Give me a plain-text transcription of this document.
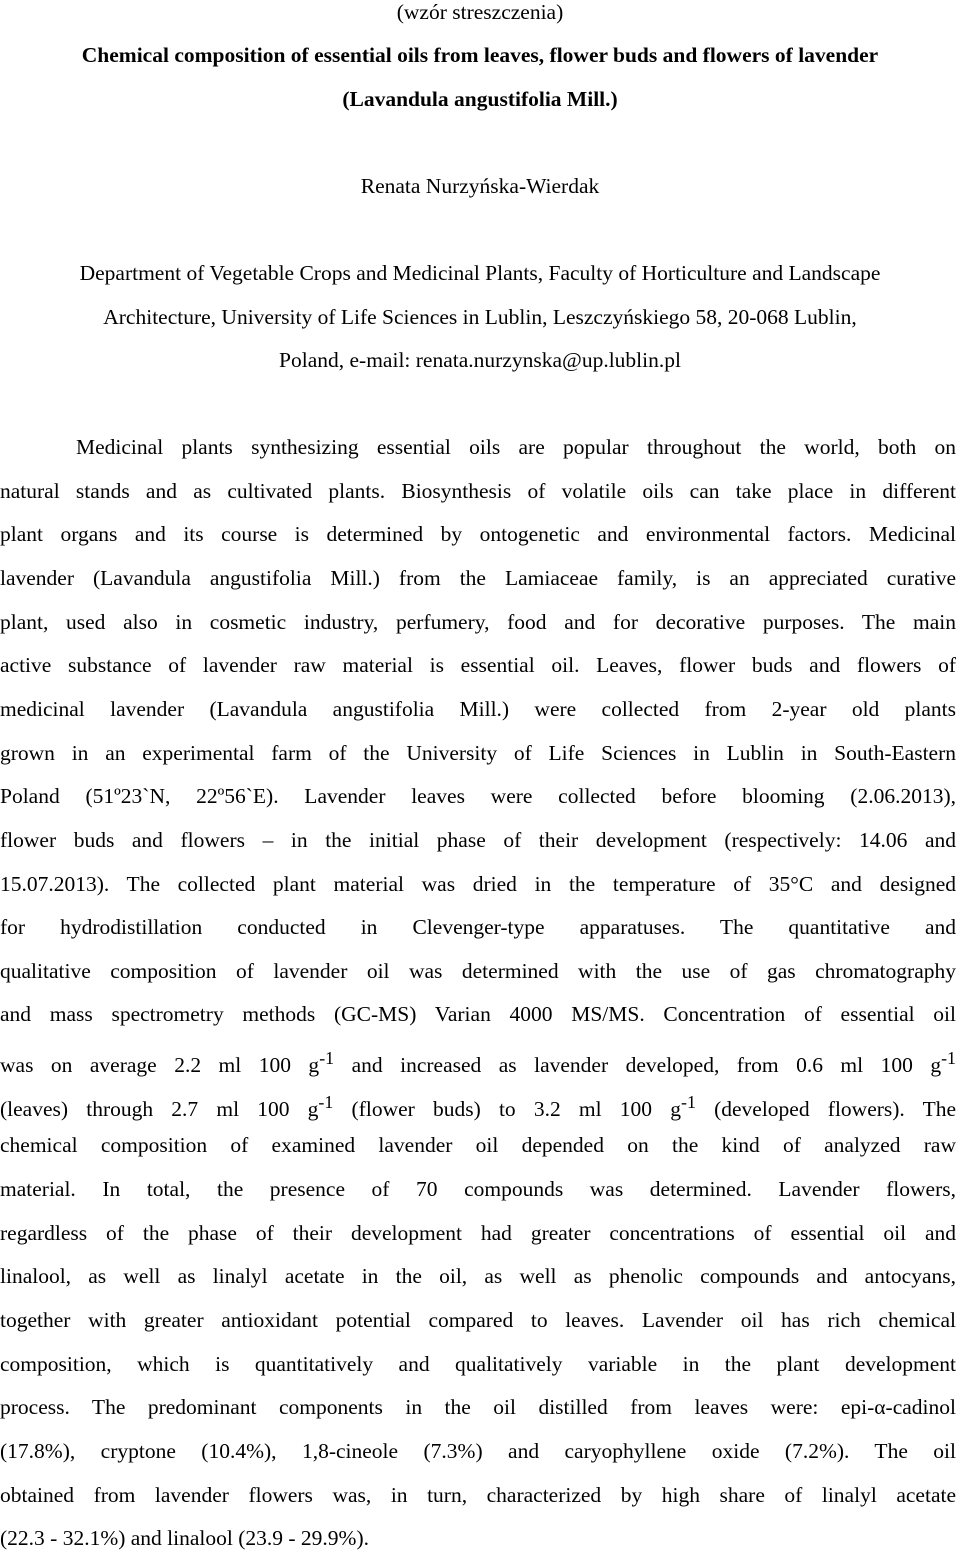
(wzór streszczenia)
Chemical composition of essential oils from leaves, flower buds and flowers of lavender
(Lavandula angustifolia Mill.)
Renata Nurzyńska-Wierdak
Department of Vegetable Crops and Medicinal Plants, Faculty of Horticulture and Landscape
Architecture, University of Life Sciences in Lublin, Leszczyńskiego 58, 20-068 Lublin,
Poland, e-mail: renata.nurzynska@up.lublin.pl
Medicinal plants synthesizing essential oils are popular throughout the world, both on
natural stands and as cultivated plants. Biosynthesis of volatile oils can take place in different
plant organs and its course is determined by ontogenetic and environmental factors. Medicinal
lavender (Lavandula angustifolia Mill.) from the Lamiaceae family, is an appreciated curative
plant, used also in cosmetic industry, perfumery, food and for decorative purposes. The main
active substance of lavender raw material is essential oil. Leaves, flower buds and flowers of
medicinal lavender (Lavandula angustifolia Mill.) were collected from 2-year old plants
grown in an experimental farm of the University of Life Sciences in Lublin in South-Eastern
Poland (51º23`N, 22º56`E). Lavender leaves were collected before blooming (2.06.2013),
flower buds and flowers – in the initial phase of their development (respectively: 14.06 and
15.07.2013). The collected plant material was dried in the temperature of 35°C and designed
for hydrodistillation conducted in Clevenger-type apparatuses. The quantitative and
qualitative composition of lavender oil was determined with the use of gas chromatography
and mass spectrometry methods (GC-MS) Varian 4000 MS/MS. Concentration of essential oil
was on average 2.2 ml 100 $g^{-1}$ and increased as lavender developed, from 0.6 ml 100 $g^{-1}$
(leaves) through 2.7 ml 100 $g^{-1}$ (flower buds) to 3.2 ml 100 $g^{-1}$ (developed flowers). The
chemical composition of examined lavender oil depended on the kind of analyzed raw
material. In total, the presence of 70 compounds was determined. Lavender flowers,
regardless of the phase of their development had greater concentrations of essential oil and
linalool, as well as linalyl acetate in the oil, as well as phenolic compounds and antocyans,
together with greater antioxidant potential compared to leaves. Lavender oil has rich chemical
composition, which is quantitatively and qualitatively variable in the plant development
process. The predominant components in the oil distilled from leaves were: epi-α-cadinol
(17.8%), cryptone (10.4%), 1,8-cineole (7.3%) and caryophyllene oxide (7.2%). The oil
obtained from lavender flowers was, in turn, characterized by high share of linalyl acetate
(22.3 - 32.1%) and linalool (23.9 - 29.9%).
